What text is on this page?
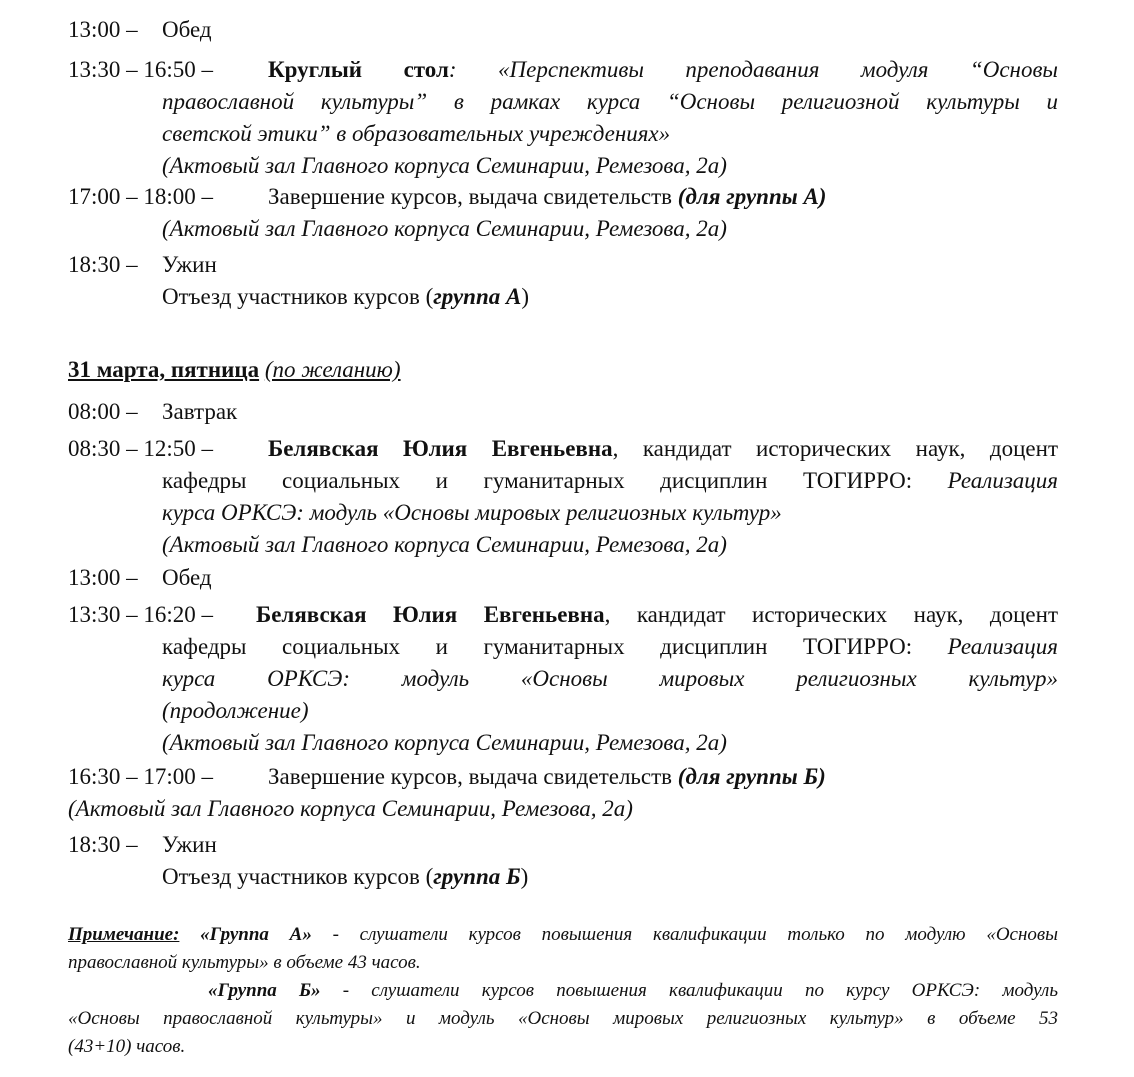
13:00 – Обед
13:30 – 16:50 – Круглый стол: «Перспективы преподавания модуля “Основы
православной культуры” в рамках курса “Основы религиозной культуры и
светской этики” в образовательных учреждениях»
(Актовый зал Главного корпуса Семинарии, Ремезова, 2а)
17:00 – 18:00 – Завершение курсов, выдача свидетельств (для группы А)
(Актовый зал Главного корпуса Семинарии, Ремезова, 2а)
18:30 – Ужин
Отъезд участников курсов (группа А)
31 марта, пятница (по желанию)
08:00 – Завтрак
08:30 – 12:50 – Белявская Юлия Евгеньевна, кандидат исторических наук, доцент
кафедры социальных и гуманитарных дисциплин ТОГИРРО: Реализация
курса ОРКСЭ: модуль «Основы мировых религиозных культур»
(Актовый зал Главного корпуса Семинарии, Ремезова, 2а)
13:00 – Обед
13:30 – 16:20 – Белявская Юлия Евгеньевна, кандидат исторических наук, доцент
кафедры социальных и гуманитарных дисциплин ТОГИРРО: Реализация
курса ОРКСЭ: модуль «Основы мировых религиозных культур»
(продолжение)
(Актовый зал Главного корпуса Семинарии, Ремезова, 2а)
16:30 – 17:00 – Завершение курсов, выдача свидетельств (для группы Б)
(Актовый зал Главного корпуса Семинарии, Ремезова, 2а)
18:30 – Ужин
Отъезд участников курсов (группа Б)
Примечание: «Группа А» - слушатели курсов повышения квалификации только по модулю «Основы
православной культуры» в объеме 43 часов.
«Группа Б» - слушатели курсов повышения квалификации по курсу ОРКСЭ: модуль
«Основы православной культуры» и модуль «Основы мировых религиозных культур» в объеме 53
(43+10) часов.
